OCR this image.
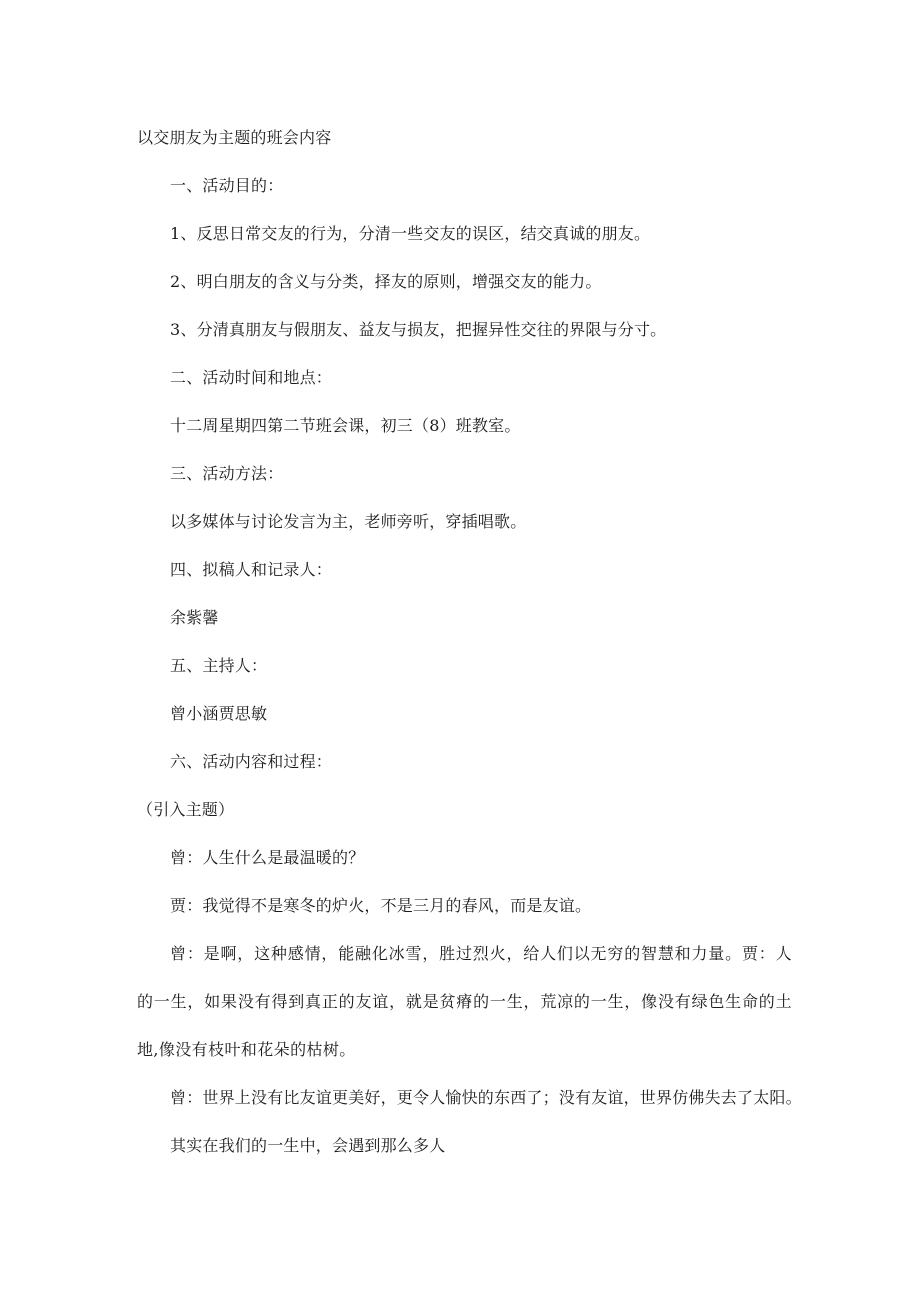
以交朋友为主题的班会内容
一、活动目的：
1、反思日常交友的行为，分清一些交友的误区，结交真诚的朋友。
2、明白朋友的含义与分类，择友的原则，增强交友的能力。
3、分清真朋友与假朋友、益友与损友，把握异性交往的界限与分寸。
二、活动时间和地点：
十二周星期四第二节班会课，初三（8）班教室。
三、活动方法：
以多媒体与讨论发言为主，老师旁听，穿插唱歌。
四、拟稿人和记录人：
余紫馨
五、主持人：
曾小涵贾思敏
六、活动内容和过程：
（引入主题）
曾：人生什么是最温暖的？
贾：我觉得不是寒冬的炉火，不是三月的春风，而是友谊。
曾：是啊，这种感情，能融化冰雪，胜过烈火，给人们以无穷的智慧和力量。贾：人的一生，如果没有得到真正的友谊，就是贫瘠的一生，荒凉的一生，像没有绿色生命的土地,像没有枝叶和花朵的枯树。
曾：世界上没有比友谊更美好，更令人愉快的东西了；没有友谊，世界仿佛失去了太阳。
其实在我们的一生中，会遇到那么多人
